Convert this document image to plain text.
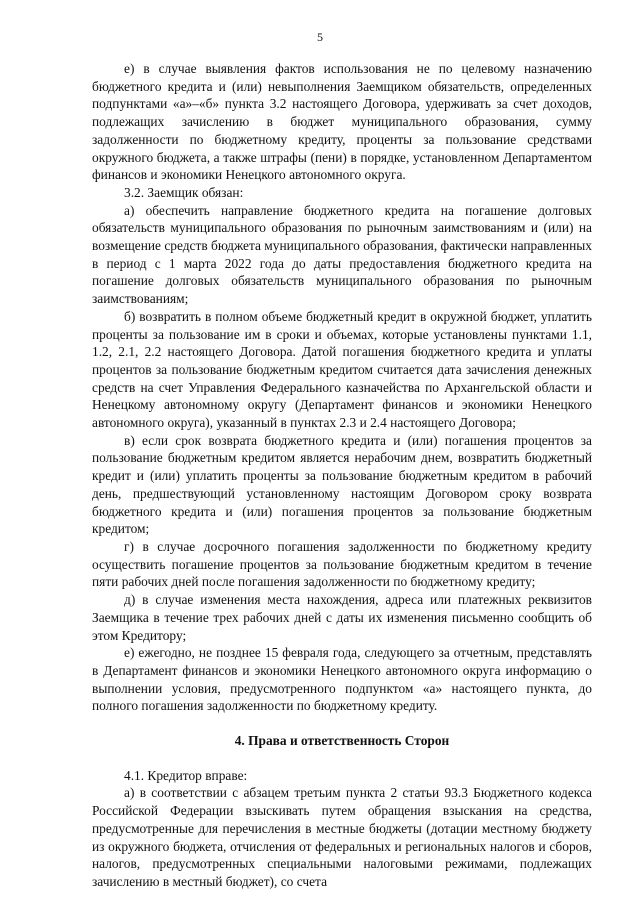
5

е) в случае выявления фактов использования не по целевому назначению бюджетного кредита и (или) невыполнения Заемщиком обязательств, определенных подпунктами «а»–«б» пункта 3.2 настоящего Договора, удерживать за счет доходов, подлежащих зачислению в бюджет муниципального образования, сумму задолженности по бюджетному кредиту, проценты за пользование средствами окружного бюджета, а также штрафы (пени) в порядке, установленном Департаментом финансов и экономики Ненецкого автономного округа.

3.2. Заемщик обязан:

а) обеспечить направление бюджетного кредита на погашение долговых обязательств муниципального образования по рыночным заимствованиям и (или) на возмещение средств бюджета муниципального образования, фактически направленных в период с 1 марта 2022 года до даты предоставления бюджетного кредита на погашение долговых обязательств муниципального образования по рыночным заимствованиям;

б) возвратить в полном объеме бюджетный кредит в окружной бюджет, уплатить проценты за пользование им в сроки и объемах, которые установлены пунктами 1.1, 1.2, 2.1, 2.2 настоящего Договора. Датой погашения бюджетного кредита и уплаты процентов за пользование бюджетным кредитом считается дата зачисления денежных средств на счет Управления Федерального казначейства по Архангельской области и Ненецкому автономному округу (Департамент финансов и экономики Ненецкого автономного округа), указанный в пунктах 2.3 и 2.4 настоящего Договора;

в) если срок возврата бюджетного кредита и (или) погашения процентов за пользование бюджетным кредитом является нерабочим днем, возвратить бюджетный кредит и (или) уплатить проценты за пользование бюджетным кредитом в рабочий день, предшествующий установленному настоящим Договором сроку возврата бюджетного кредита и (или) погашения процентов за пользование бюджетным кредитом;

г) в случае досрочного погашения задолженности по бюджетному кредиту осуществить погашение процентов за пользование бюджетным кредитом в течение пяти рабочих дней после погашения задолженности по бюджетному кредиту;

д) в случае изменения места нахождения, адреса или платежных реквизитов Заемщика в течение трех рабочих дней с даты их изменения письменно сообщить об этом Кредитору;

е) ежегодно, не позднее 15 февраля года, следующего за отчетным, представлять в Департамент финансов и экономики Ненецкого автономного округа информацию о выполнении условия, предусмотренного подпунктом «а» настоящего пункта, до полного погашения задолженности по бюджетному кредиту.

4. Права и ответственность Сторон

4.1. Кредитор вправе:

а) в соответствии с абзацем третьим пункта 2 статьи 93.3 Бюджетного кодекса Российской Федерации взыскивать путем обращения взыскания на средства, предусмотренные для перечисления в местные бюджеты (дотации местному бюджету из окружного бюджета, отчисления от федеральных и региональных налогов и сборов, налогов, предусмотренных специальными налоговыми режимами, подлежащих зачислению в местный бюджет), со счета
